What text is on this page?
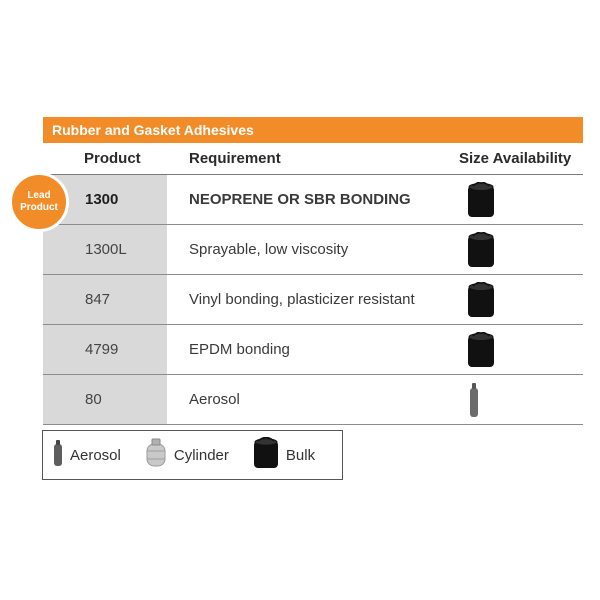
Lead
Product
Rubber and Gasket Adhesives
Product	Requirement	Size Availability
1300	NEOPRENE OR SBR BONDING
1300L	Sprayable, low viscosity
847	Vinyl bonding, plasticizer resistant
4799	EPDM bonding
80	Aerosol
Aerosol	Cylinder	Bulk
